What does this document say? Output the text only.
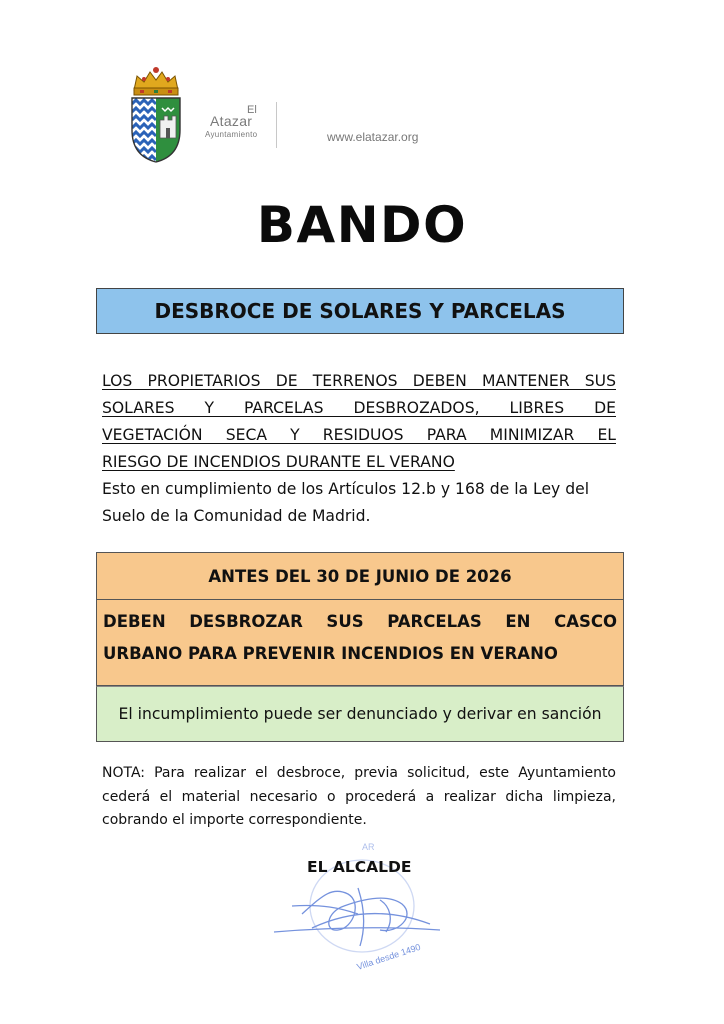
El
Atazar
Ayuntamiento	www.elatazar.org
BANDO
DESBROCE DE SOLARES Y PARCELAS
LOS PROPIETARIOS DE TERRENOS DEBEN MANTENER SUS
SOLARES Y PARCELAS DESBROZADOS, LIBRES DE
VEGETACIÓN SECA Y RESIDUOS PARA MINIMIZAR EL
RIESGO DE INCENDIOS DURANTE EL VERANO
Esto en cumplimiento de los Artículos 12.b y 168 de la Ley del Suelo de la Comunidad de Madrid.
ANTES DEL 30 DE JUNIO DE 2026
DEBEN DESBROZAR SUS PARCELAS EN CASCO
URBANO PARA PREVENIR INCENDIOS EN VERANO
El incumplimiento puede ser denunciado y derivar en sanción
NOTA: Para realizar el desbroce, previa solicitud, este Ayuntamiento cederá el material necesario o procederá a realizar dicha limpieza, cobrando el importe correspondiente.
Villa desde 1490
AR
EL ALCALDE
